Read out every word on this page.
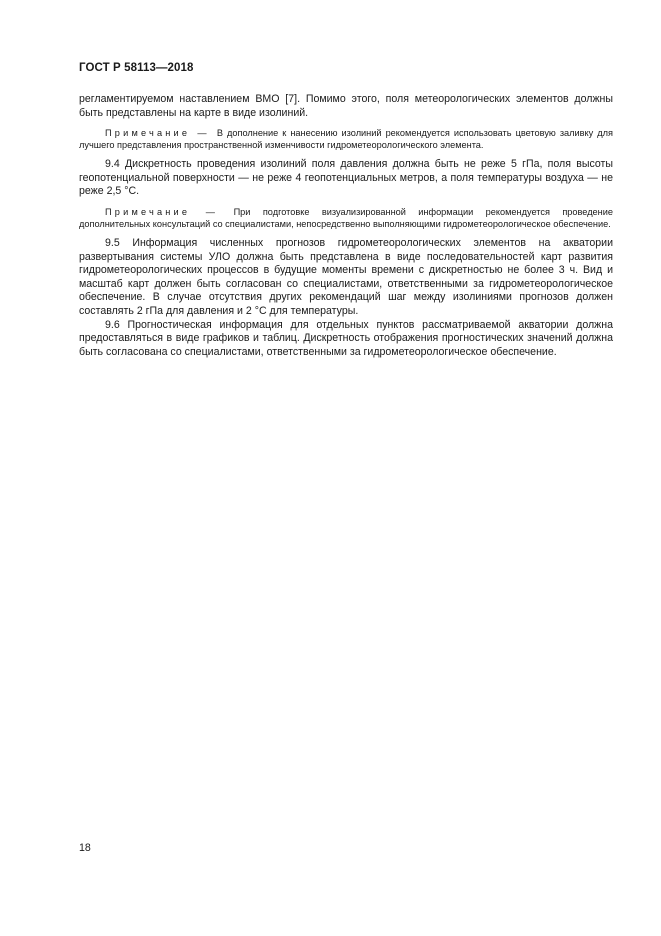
ГОСТ Р 58113—2018

регламентируемом наставлением ВМО [7]. Помимо этого, поля метеорологических элементов должны быть представлены на карте в виде изолиний.

Примечание — В дополнение к нанесению изолиний рекомендуется использовать цветовую заливку для лучшего представления пространственной изменчивости гидрометеорологического элемента.

9.4 Дискретность проведения изолиний поля давления должна быть не реже 5 гПа, поля высоты геопотенциальной поверхности — не реже 4 геопотенциальных метров, а поля температуры воздуха — не реже 2,5 °С.

Примечание — При подготовке визуализированной информации рекомендуется проведение дополнительных консультаций со специалистами, непосредственно выполняющими гидрометеорологическое обеспечение.

9.5 Информация численных прогнозов гидрометеорологических элементов на акватории развертывания системы УЛО должна быть представлена в виде последовательностей карт развития гидрометеорологических процессов в будущие моменты времени с дискретностью не более 3 ч. Вид и масштаб карт должен быть согласован со специалистами, ответственными за гидрометеорологическое обеспечение. В случае отсутствия других рекомендаций шаг между изолиниями прогнозов должен составлять 2 гПа для давления и 2 °С для температуры.

9.6 Прогностическая информация для отдельных пунктов рассматриваемой акватории должна предоставляться в виде графиков и таблиц. Дискретность отображения прогностических значений должна быть согласована со специалистами, ответственными за гидрометеорологическое обеспечение.

18
